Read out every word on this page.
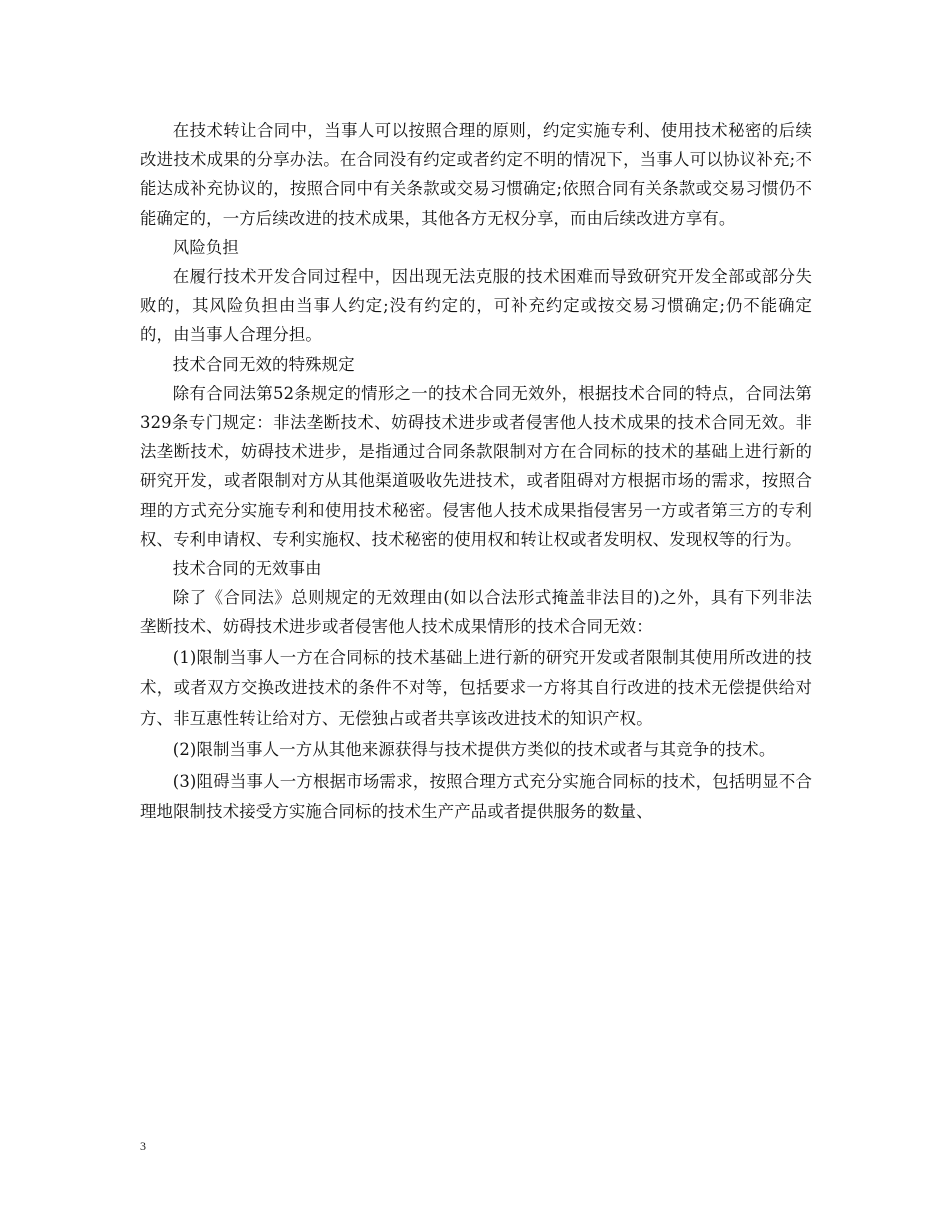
在技术转让合同中，当事人可以按照合理的原则，约定实施专利、使用技术秘密的后续改进技术成果的分享办法。在合同没有约定或者约定不明的情况下，当事人可以协议补充;不能达成补充协议的，按照合同中有关条款或交易习惯确定;依照合同有关条款或交易习惯仍不能确定的，一方后续改进的技术成果，其他各方无权分享，而由后续改进方享有。

风险负担

在履行技术开发合同过程中，因出现无法克服的技术困难而导致研究开发全部或部分失败的，其风险负担由当事人约定;没有约定的，可补充约定或按交易习惯确定;仍不能确定的，由当事人合理分担。

技术合同无效的特殊规定

除有合同法第52条规定的情形之一的技术合同无效外，根据技术合同的特点，合同法第329条专门规定：非法垄断技术、妨碍技术进步或者侵害他人技术成果的技术合同无效。非法垄断技术，妨碍技术进步，是指通过合同条款限制对方在合同标的技术的基础上进行新的研究开发，或者限制对方从其他渠道吸收先进技术，或者阻碍对方根据市场的需求，按照合理的方式充分实施专利和使用技术秘密。侵害他人技术成果指侵害另一方或者第三方的专利权、专利申请权、专利实施权、技术秘密的使用权和转让权或者发明权、发现权等的行为。

技术合同的无效事由

除了《合同法》总则规定的无效理由(如以合法形式掩盖非法目的)之外，具有下列非法垄断技术、妨碍技术进步或者侵害他人技术成果情形的技术合同无效：

(1)限制当事人一方在合同标的技术基础上进行新的研究开发或者限制其使用所改进的技术，或者双方交换改进技术的条件不对等，包括要求一方将其自行改进的技术无偿提供给对方、非互惠性转让给对方、无偿独占或者共享该改进技术的知识产权。

(2)限制当事人一方从其他来源获得与技术提供方类似的技术或者与其竞争的技术。

(3)阻碍当事人一方根据市场需求，按照合理方式充分实施合同标的技术，包括明显不合理地限制技术接受方实施合同标的技术生产产品或者提供服务的数量、

3
